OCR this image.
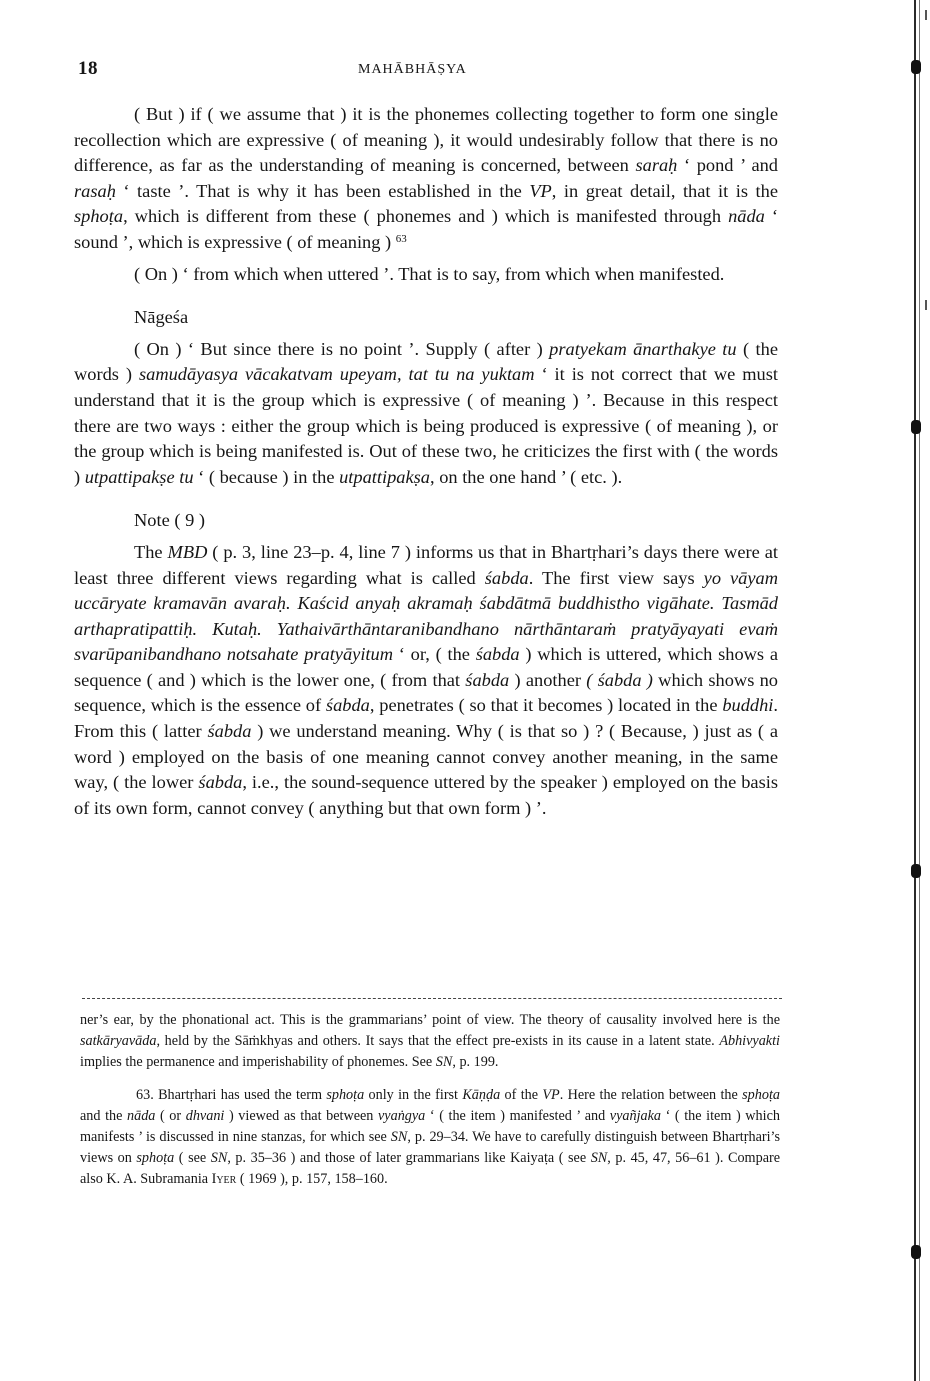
18	MAHĀBHĀṢYA

( But ) if ( we assume that ) it is the phonemes collecting together to form one single recollection which are expressive ( of meaning ), it would undesirably follow that there is no difference, as far as the understanding of meaning is concerned, between saraḥ ‘ pond ’ and rasaḥ ‘ taste ’. That is why it has been established in the VP, in great detail, that it is the sphoṭa, which is different from these ( phonemes and ) which is manifested through nāda ‘ sound ’, which is expressive ( of meaning ) $^{63}$

( On ) ‘ from which when uttered ’. That is to say, from which when manifested.

Nāgeśa

( On ) ‘ But since there is no point ’. Supply ( after ) pratyekam ānarthakye tu ( the words ) samudāyasya vācakatvam upeyam, tat tu na yuktam ‘ it is not correct that we must understand that it is the group which is expressive ( of meaning ) ’. Because in this respect there are two ways : either the group which is being produced is expressive ( of meaning ), or the group which is being manifested is. Out of these two, he criticizes the first with ( the words ) utpattipakṣe tu ‘ ( because ) in the utpattipakṣa, on the one hand ’ ( etc. ).

Note ( 9 )

The MBD ( p. 3, line 23–p. 4, line 7 ) informs us that in Bhartṛhari’s days there were at least three different views regarding what is called śabda. The first view says yo vāyam uccāryate kramavān avaraḥ. Kaścid anyaḥ akramaḥ śabdātmā buddhistho vigāhate. Tasmād arthapratipattiḥ. Kutaḥ. Yathaivārthāntaranibandhano nārthāntaraṁ pratyāyayati evaṁ svarūpanibandhano notsahate pratyāyitum ‘ or, ( the śabda ) which is uttered, which shows a sequence ( and ) which is the lower one, ( from that śabda ) another ( śabda ) which shows no sequence, which is the essence of śabda, penetrates ( so that it becomes ) located in the buddhi. From this ( latter śabda ) we understand meaning. Why ( is that so ) ? ( Because, ) just as ( a word ) employed on the basis of one meaning cannot convey another meaning, in the same way, ( the lower śabda, i.e., the sound-sequence uttered by the speaker ) employed on the basis of its own form, cannot convey ( anything but that own form ) ’.

ner’s ear, by the phonational act. This is the grammarians’ point of view. The theory of causality involved here is the satkāryavāda, held by the Sāṁkhyas and others. It says that the effect pre-exists in its cause in a latent state. Abhivyakti implies the permanence and imperishability of phonemes. See SN, p. 199.

63. Bhartṛhari has used the term sphoṭa only in the first Kāṇḍa of the VP. Here the relation between the sphoṭa and the nāda ( or dhvani ) viewed as that between vyaṅgya ‘ ( the item ) manifested ’ and vyañjaka ‘ ( the item ) which manifests ’ is discussed in nine stanzas, for which see SN, p. 29–34. We have to carefully distinguish between Bhartṛhari’s views on sphoṭa ( see SN, p. 35–36 ) and those of later grammarians like Kaiyaṭa ( see SN, p. 45, 47, 56–61 ). Compare also K. A. Subramania Iyer ( 1969 ), p. 157, 158–160.
